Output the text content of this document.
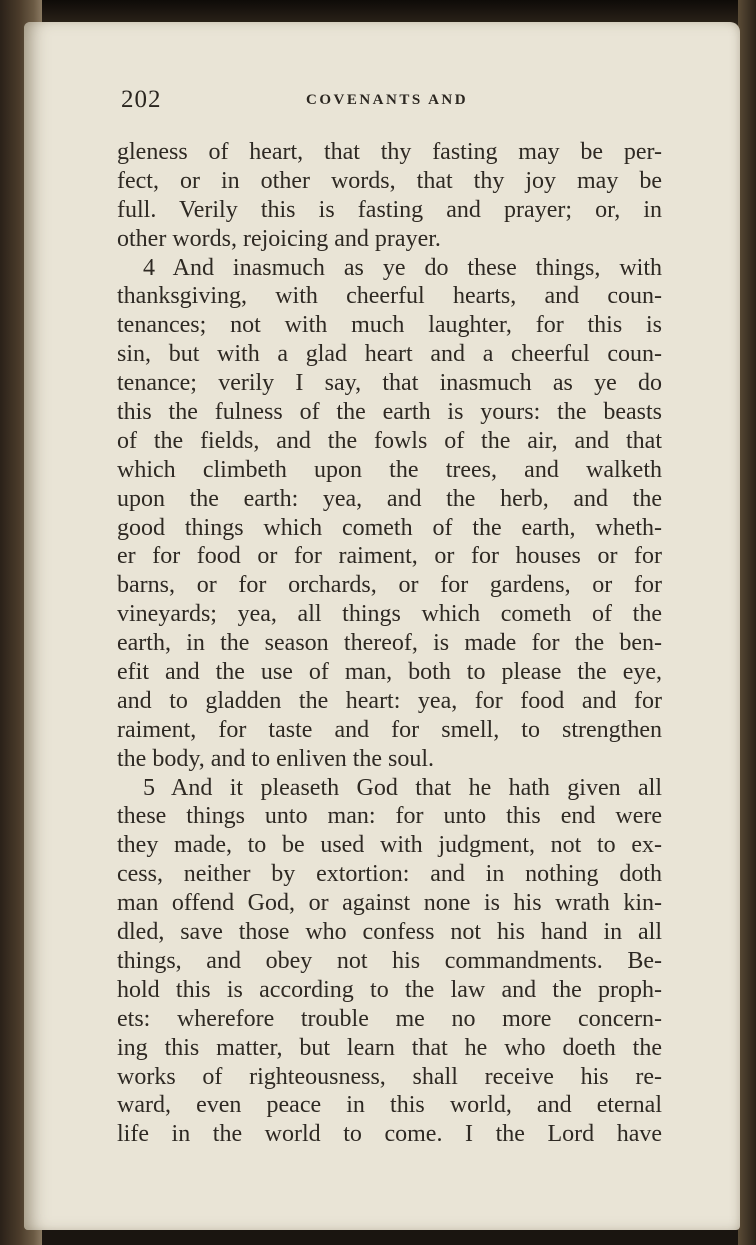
202	COVENANTS AND
gleness of heart, that thy fasting may be per-
fect, or in other words, that thy joy may be
full. Verily this is fasting and prayer; or, in
other words, rejoicing and prayer.
4 And inasmuch as ye do these things, with
thanksgiving, with cheerful hearts, and coun-
tenances; not with much laughter, for this is
sin, but with a glad heart and a cheerful coun-
tenance; verily I say, that inasmuch as ye do
this the fulness of the earth is yours: the beasts
of the fields, and the fowls of the air, and that
which climbeth upon the trees, and walketh
upon the earth: yea, and the herb, and the
good things which cometh of the earth, wheth-
er for food or for raiment, or for houses or for
barns, or for orchards, or for gardens, or for
vineyards; yea, all things which cometh of the
earth, in the season thereof, is made for the ben-
efit and the use of man, both to please the eye,
and to gladden the heart: yea, for food and for
raiment, for taste and for smell, to strengthen
the body, and to enliven the soul.
5 And it pleaseth God that he hath given all
these things unto man: for unto this end were
they made, to be used with judgment, not to ex-
cess, neither by extortion: and in nothing doth
man offend God, or against none is his wrath kin-
dled, save those who confess not his hand in all
things, and obey not his commandments. Be-
hold this is according to the law and the proph-
ets: wherefore trouble me no more concern-
ing this matter, but learn that he who doeth the
works of righteousness, shall receive his re-
ward, even peace in this world, and eternal
life in the world to come. I the Lord have
